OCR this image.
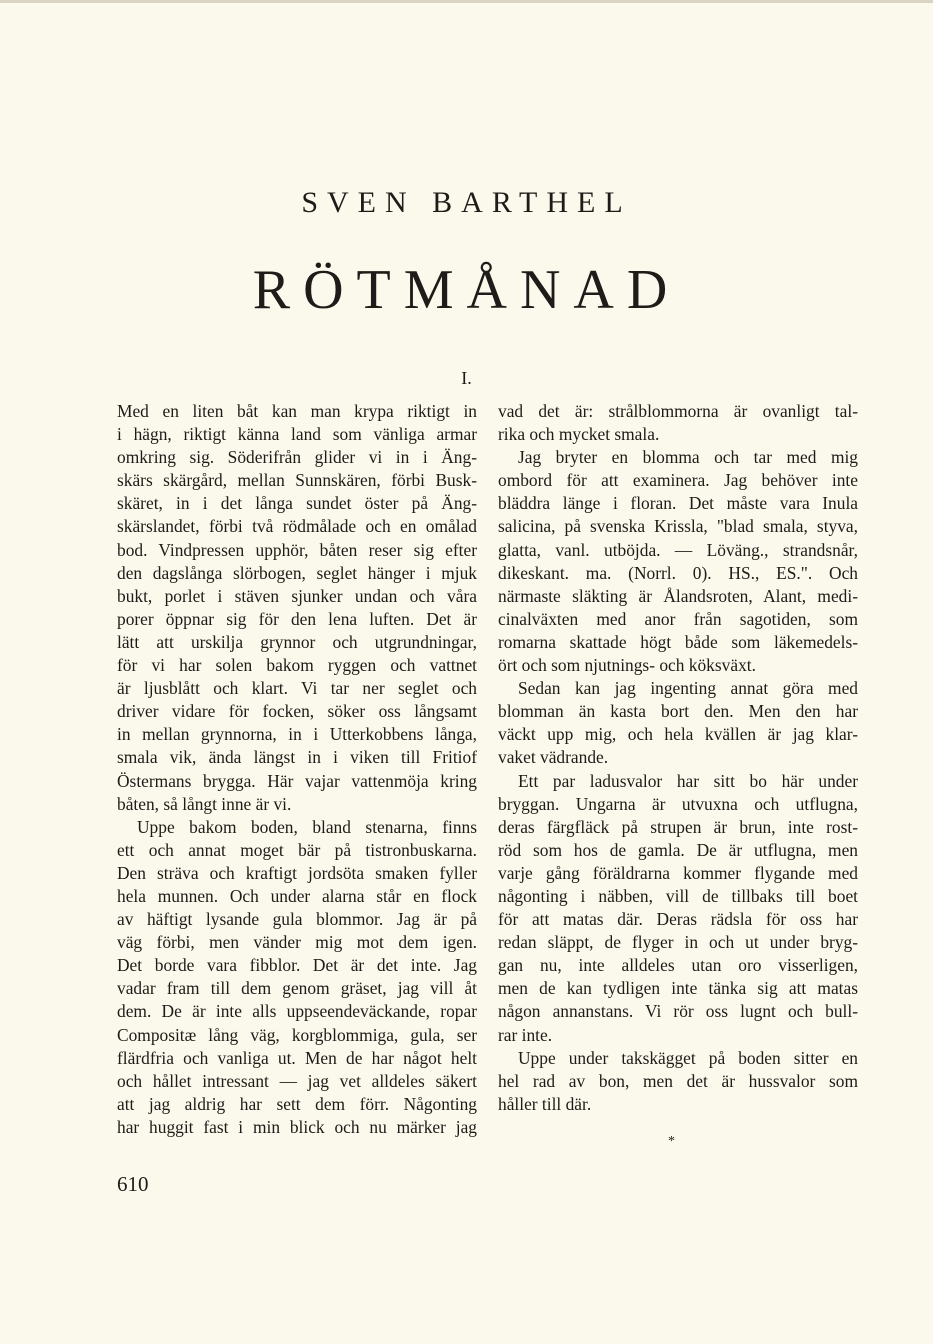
SVEN BARTHEL
RÖTMÅNAD
I.
Med en liten båt kan man krypa riktigt in
i hägn, riktigt känna land som vänliga armar
omkring sig. Söderifrån glider vi in i Äng-
skärs skärgård, mellan Sunnskären, förbi Busk-
skäret, in i det långa sundet öster på Äng-
skärslandet, förbi två rödmålade och en omålad
bod. Vindpressen upphör, båten reser sig efter
den dagslånga slörbogen, seglet hänger i mjuk
bukt, porlet i stäven sjunker undan och våra
porer öppnar sig för den lena luften. Det är
lätt att urskilja grynnor och utgrundningar,
för vi har solen bakom ryggen och vattnet
är ljusblått och klart. Vi tar ner seglet och
driver vidare för focken, söker oss långsamt
in mellan grynnorna, in i Utterkobbens långa,
smala vik, ända längst in i viken till Fritiof
Östermans brygga. Här vajar vattenmöja kring
båten, så långt inne är vi.
Uppe bakom boden, bland stenarna, finns
ett och annat moget bär på tistronbuskarna.
Den sträva och kraftigt jordsöta smaken fyller
hela munnen. Och under alarna står en flock
av häftigt lysande gula blommor. Jag är på
väg förbi, men vänder mig mot dem igen.
Det borde vara fibblor. Det är det inte. Jag
vadar fram till dem genom gräset, jag vill åt
dem. De är inte alls uppseendeväckande, ropar
Compositæ lång väg, korgblommiga, gula, ser
flärdfria och vanliga ut. Men de har något helt
och hållet intressant — jag vet alldeles säkert
att jag aldrig har sett dem förr. Någonting
har huggit fast i min blick och nu märker jag
vad det är: strålblommorna är ovanligt tal-
rika och mycket smala.
Jag bryter en blomma och tar med mig
ombord för att examinera. Jag behöver inte
bläddra länge i floran. Det måste vara Inula
salicina, på svenska Krissla, "blad smala, styva,
glatta, vanl. utböjda. — Löväng., strandsnår,
dikeskant. ma. (Norrl. 0). HS., ES.". Och
närmaste släkting är Ålandsroten, Alant, medi-
cinalväxten med anor från sagotiden, som
romarna skattade högt både som läkemedels-
ört och som njutnings- och köksväxt.
Sedan kan jag ingenting annat göra med
blomman än kasta bort den. Men den har
väckt upp mig, och hela kvällen är jag klar-
vaket vädrande.
Ett par ladusvalor har sitt bo här under
bryggan. Ungarna är utvuxna och utflugna,
deras färgfläck på strupen är brun, inte rost-
röd som hos de gamla. De är utflugna, men
varje gång föräldrarna kommer flygande med
någonting i näbben, vill de tillbaks till boet
för att matas där. Deras rädsla för oss har
redan släppt, de flyger in och ut under bryg-
gan nu, inte alldeles utan oro visserligen,
men de kan tydligen inte tänka sig att matas
någon annanstans. Vi rör oss lugnt och bull-
rar inte.
Uppe under takskägget på boden sitter en
hel rad av bon, men det är hussvalor som
håller till där.
*
610
